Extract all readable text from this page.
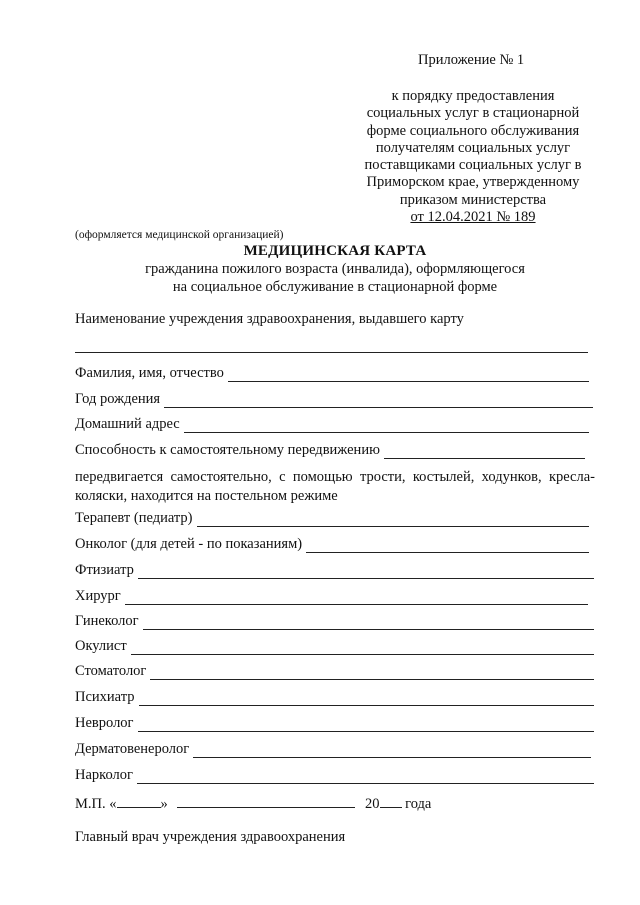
Приложение № 1
к порядку предоставления
социальных услуг в стационарной
форме социального обслуживания
получателям социальных услуг
поставщиками социальных услуг в
Приморском крае, утвержденному
приказом министерства
от 12.04.2021 № 189
(оформляется медицинской организацией)
МЕДИЦИНСКАЯ КАРТА
гражданина пожилого возраста (инвалида), оформляющегося
на социальное обслуживание в стационарной форме
Наименование учреждения здравоохранения, выдавшего карту
Фамилия, имя, отчество
Год рождения
Домашний адрес
Способность к самостоятельному передвижению
передвигается самостоятельно, с помощью трости, костылей, ходунков, кресла-коляски, находится на постельном режиме
Терапевт (педиатр)
Онколог (для детей - по показаниям)
Фтизиатр
Хирург
Гинеколог
Окулист
Стоматолог
Психиатр
Невролог
Дерматовенеролог
Нарколог
М.П. «	»	20 года
Главный врач учреждения здравоохранения
